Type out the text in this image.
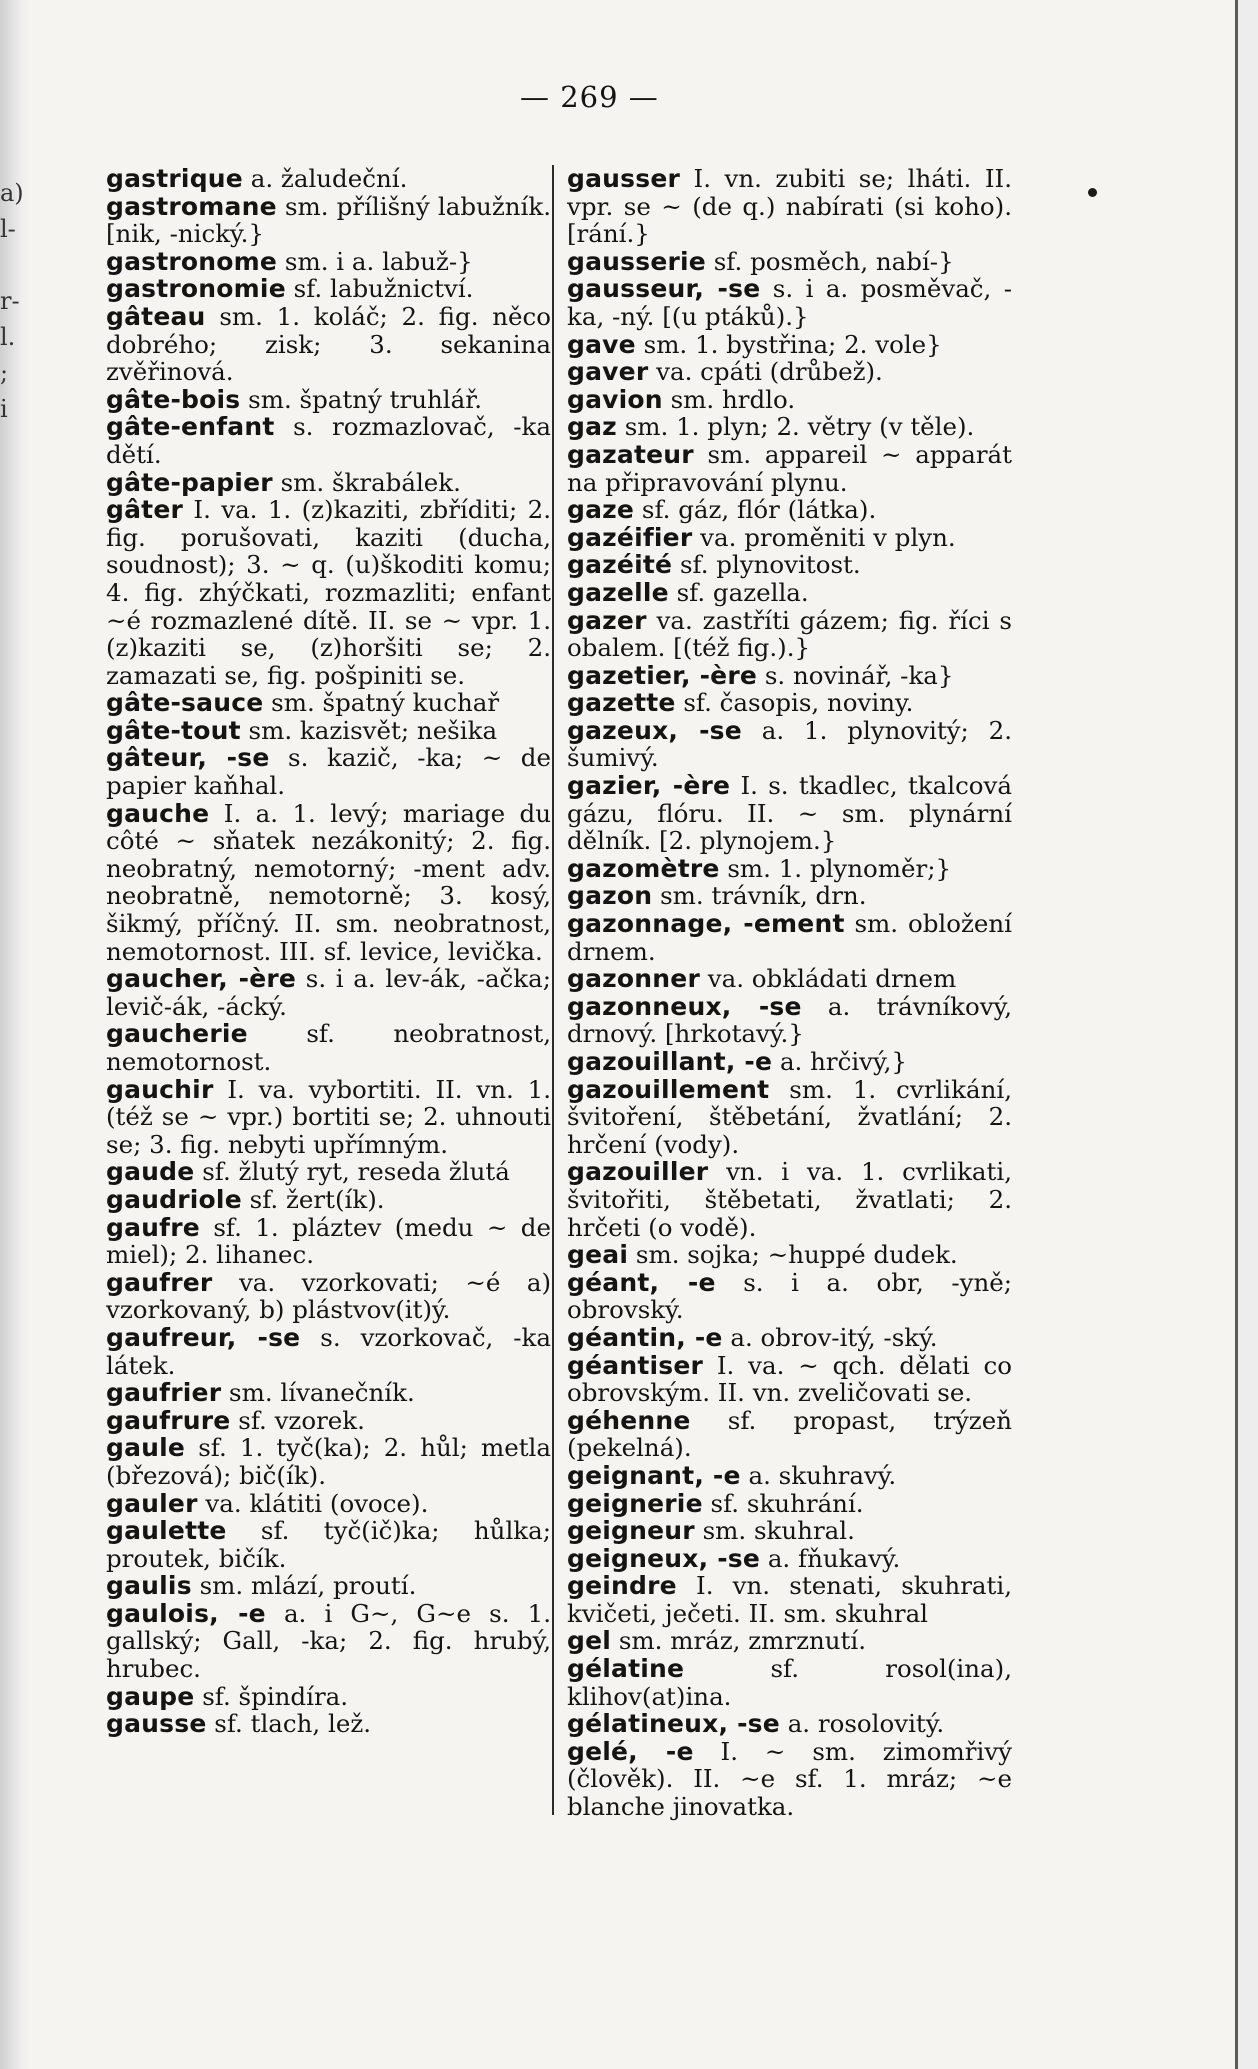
a)
l-

r-
l.
;
i
— 269 —
gastrique a. žaludeční.
gastromane sm. přílišný labužník. [nik, -nický.}
gastronome sm. i a. labuž-}
gastronomie sf. labužnictví.
gâteau sm. 1. koláč; 2. fig. něco dobrého; zisk; 3. sekanina zvěřinová.
gâte-bois sm. špatný truhlář.
gâte-enfant s. rozmazlovač, -ka dětí.
gâte-papier sm. škrabálek.
gâter I. va. 1. (z)kaziti, zbříditi; 2. fig. porušovati, kaziti (ducha, soudnost); 3. ~ q. (u)škoditi komu; 4. fig. zhýčkati, rozmazliti; enfant ~é rozmazlené dítě. II. se ~ vpr. 1. (z)kaziti se, (z)horšiti se; 2. zamazati se, fig. pošpiniti se.
gâte-sauce sm. špatný kuchař
gâte-tout sm. kazisvět; nešika
gâteur, -se s. kazič, -ka; ~ de papier kaňhal.
gauche I. a. 1. levý; mariage du côté ~ sňatek nezákonitý; 2. fig. neobratný, nemotorný; -ment adv. neobratně, nemotorně; 3. kosý, šikmý, příčný. II. sm. neobratnost, nemotornost. III. sf. levice, levička.
gaucher, -ère s. i a. lev-ák, -ačka; levič-ák, -ácký.
gaucherie sf. neobratnost, nemotornost.
gauchir I. va. vybortiti. II. vn. 1. (též se ~ vpr.) bortiti se; 2. uhnouti se; 3. fig. nebyti upřímným.
gaude sf. žlutý ryt, reseda žlutá
gaudriole sf. žert(ík).
gaufre sf. 1. pláztev (medu ~ de miel); 2. lihanec.
gaufrer va. vzorkovati; ~é a) vzorkovaný, b) plástvov(it)ý.
gaufreur, -se s. vzorkovač, -ka látek.
gaufrier sm. lívanečník.
gaufrure sf. vzorek.
gaule sf. 1. tyč(ka); 2. hůl; metla (březová); bič(ík).
gauler va. klátiti (ovoce).
gaulette sf. tyč(ič)ka; hůlka; proutek, bičík.
gaulis sm. mlází, proutí.
gaulois, -e a. i G~, G~e s. 1. gallský; Gall, -ka; 2. fig. hrubý, hrubec.
gaupe sf. špindíra.
gausse sf. tlach, lež.
gausser I. vn. zubiti se; lháti. II. vpr. se ~ (de q.) nabírati (si koho). [rání.}
gausserie sf. posměch, nabí-}
gausseur, -se s. i a. posměvač, -ka, -ný. [(u ptáků).}
gave sm. 1. bystřina; 2. vole}
gaver va. cpáti (drůbež).
gavion sm. hrdlo.
gaz sm. 1. plyn; 2. větry (v těle).
gazateur sm. appareil ~ apparát na připravování plynu.
gaze sf. gáz, flór (látka).
gazéifier va. proměniti v plyn.
gazéité sf. plynovitost.
gazelle sf. gazella.
gazer va. zastříti gázem; fig. říci s obalem. [(též fig.).}
gazetier, -ère s. novinář, -ka}
gazette sf. časopis, noviny.
gazeux, -se a. 1. plynovitý; 2. šumivý.
gazier, -ère I. s. tkadlec, tkalcová gázu, flóru. II. ~ sm. plynární dělník. [2. plynojem.}
gazomètre sm. 1. plynoměr;}
gazon sm. trávník, drn.
gazonnage, -ement sm. obložení drnem.
gazonner va. obkládati drnem
gazonneux, -se a. trávníkový, drnový. [hrkotavý.}
gazouillant, -e a. hrčivý,}
gazouillement sm. 1. cvrlikání, švitoření, štěbetání, žvatlání; 2. hrčení (vody).
gazouiller vn. i va. 1. cvrlikati, švitořiti, štěbetati, žvatlati; 2. hrčeti (o vodě).
geai sm. sojka; ~huppé dudek.
géant, -e s. i a. obr, -yně; obrovský.
géantin, -e a. obrov-itý, -ský.
géantiser I. va. ~ qch. dělati co obrovským. II. vn. zveličovati se.
géhenne sf. propast, trýzeň (pekelná).
geignant, -e a. skuhravý.
geignerie sf. skuhrání.
geigneur sm. skuhral.
geigneux, -se a. fňukavý.
geindre I. vn. stenati, skuhrati, kvičeti, ječeti. II. sm. skuhral
gel sm. mráz, zmrznutí.
gélatine	sf. rosol(ina), klihov(at)ina.
gélatineux, -se a. rosolovitý.
gelé, -e I. ~ sm. zimomřivý (člověk). II. ~e sf. 1. mráz; ~e blanche jinovatka.
